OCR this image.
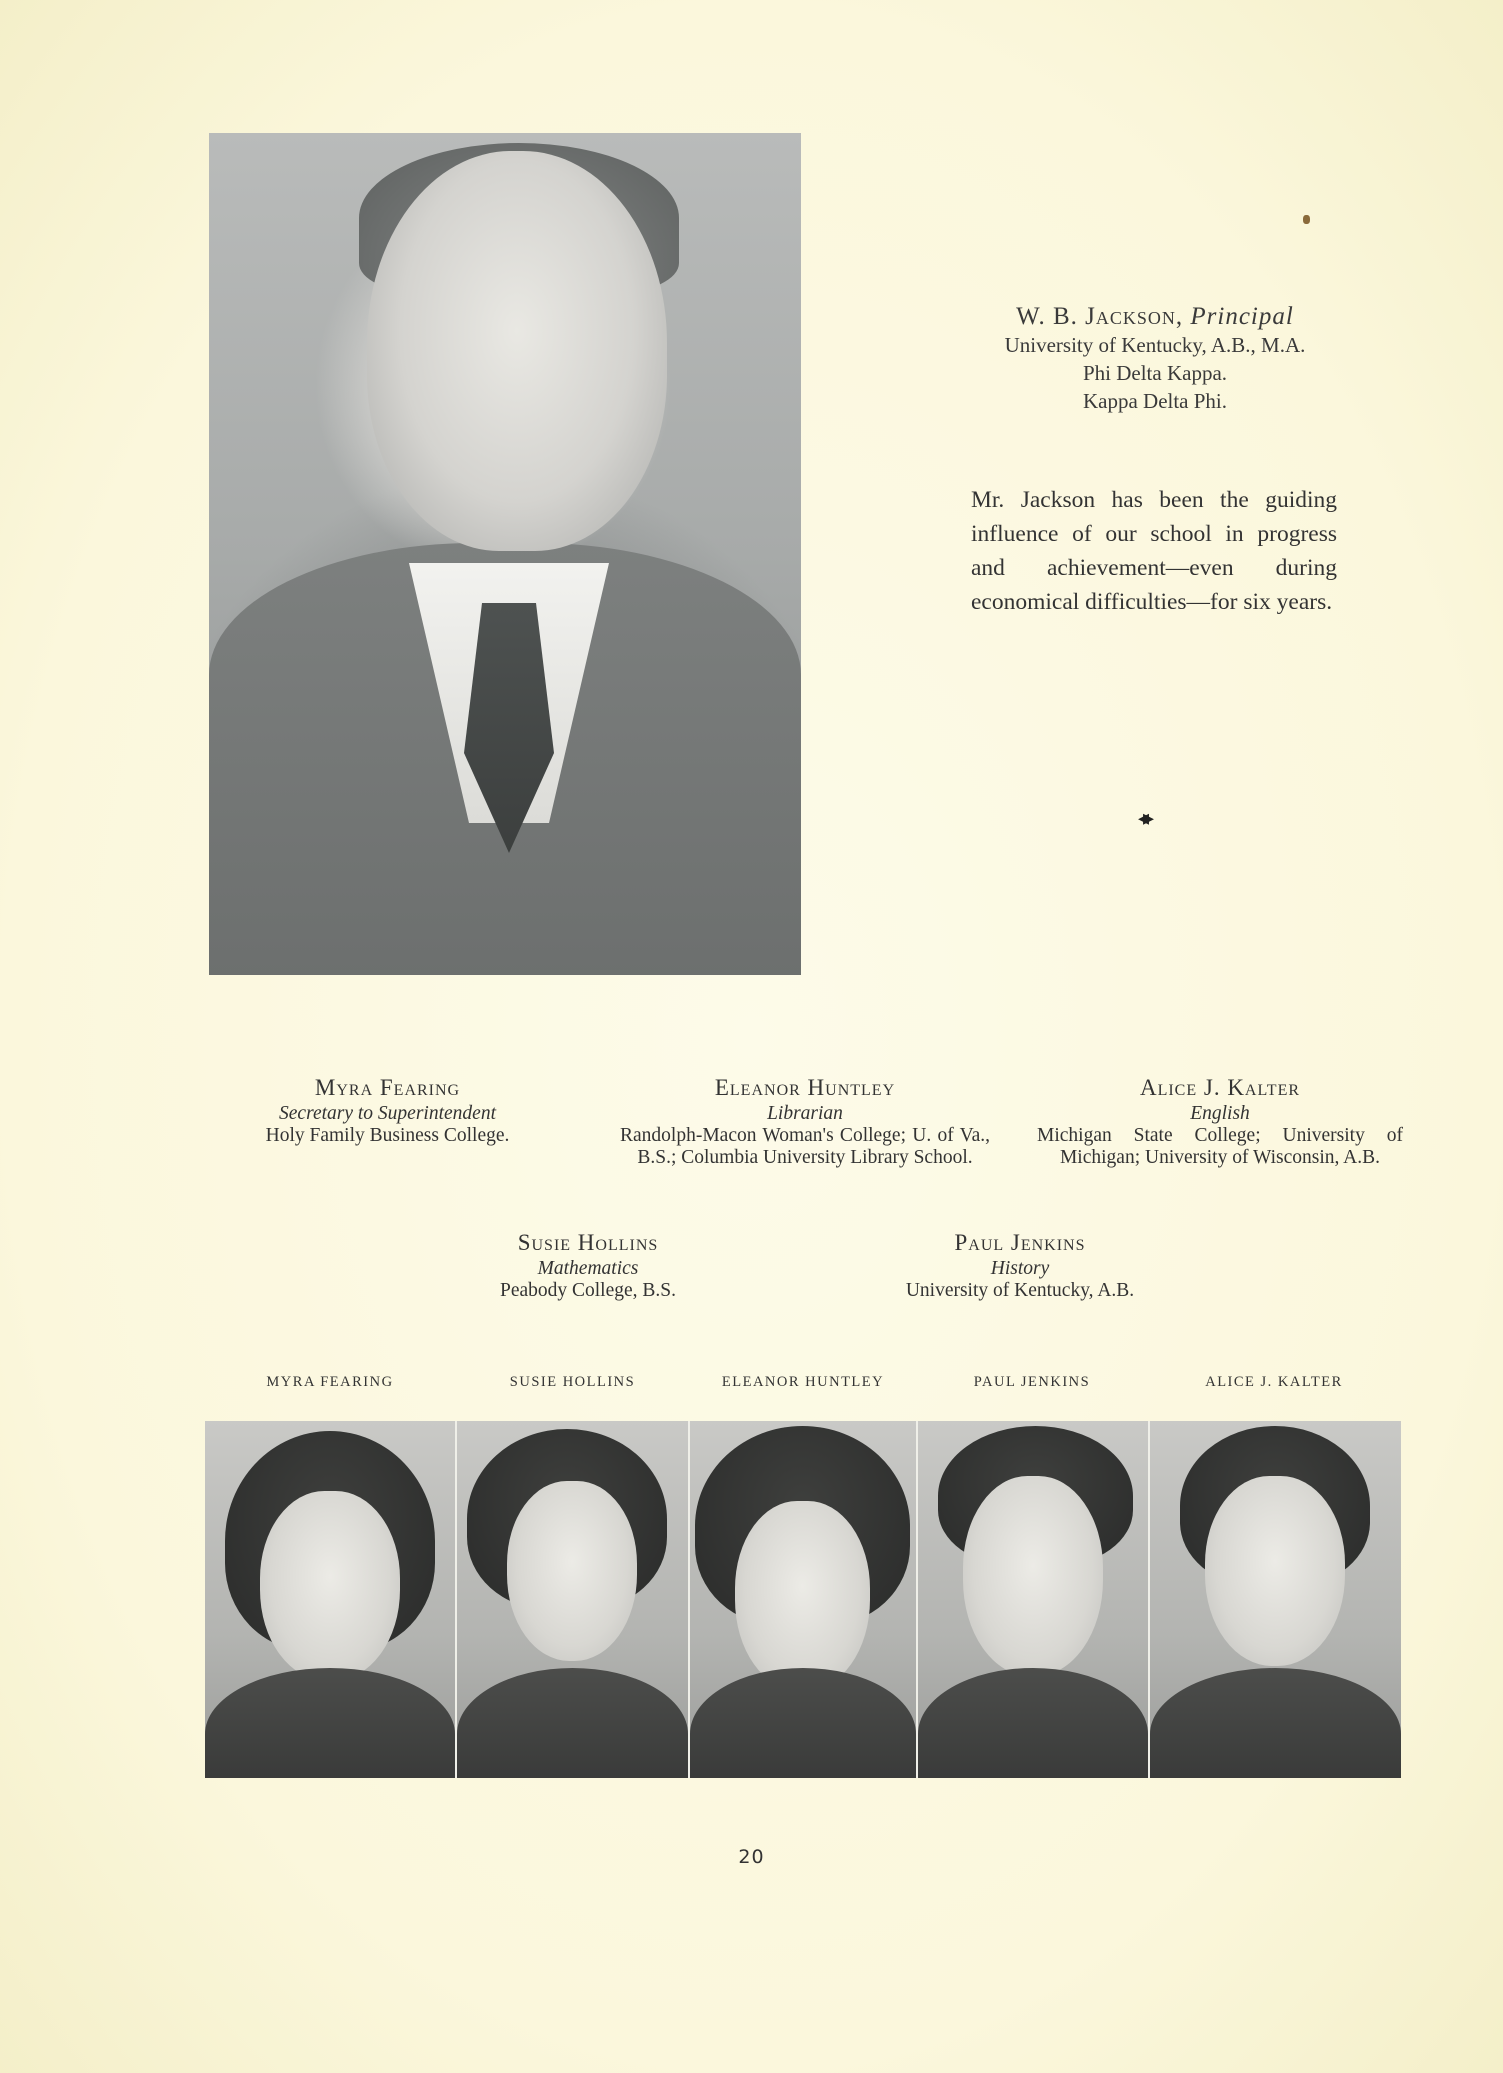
W. B. Jackson, Principal
University of Kentucky, A.B., M.A.
Phi Delta Kappa.
Kappa Delta Phi.
Mr. Jackson has been the guiding influence of our school in progress and achievement—even during economical difficulties—for six years.
◂▸
Myra Fearing
Secretary to Superintendent
Holy Family Business College.
Eleanor Huntley
Librarian
Randolph-Macon Woman's College; U. of Va., B.S.; Columbia University Library School.
Alice J. Kalter
English
Michigan State College; University of Michigan; University of Wisconsin, A.B.
Susie Hollins
Mathematics
Peabody College, B.S.
Paul Jenkins
History
University of Kentucky, A.B.
MYRA FEARING	SUSIE HOLLINS	ELEANOR HUNTLEY	PAUL JENKINS	ALICE J. KALTER
20
